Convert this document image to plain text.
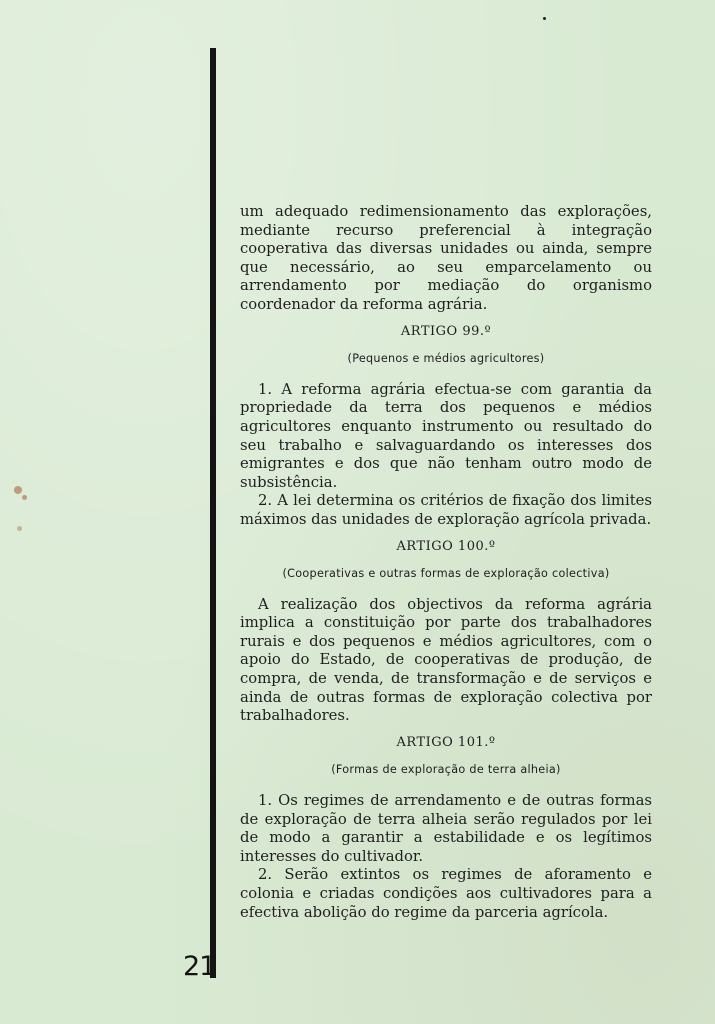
21

um adequado redimensionamento das explorações, mediante recurso preferencial à integração cooperativa das diversas unidades ou ainda, sempre que necessário, ao seu emparcelamento ou arrendamento por mediação do organismo coordenador da reforma agrária.

ARTIGO 99.º
(Pequenos e médios agricultores)

1. A reforma agrária efectua-se com garantia da propriedade da terra dos pequenos e médios agricultores enquanto instrumento ou resultado do seu trabalho e salvaguardando os interesses dos emigrantes e dos que não tenham outro modo de subsistência.

2. A lei determina os critérios de fixação dos limites máximos das unidades de exploração agrícola privada.

ARTIGO 100.º
(Cooperativas e outras formas de exploração colectiva)

A realização dos objectivos da reforma agrária implica a constituição por parte dos trabalhadores rurais e dos pequenos e médios agricultores, com o apoio do Estado, de cooperativas de produção, de compra, de venda, de transformação e de serviços e ainda de outras formas de exploração colectiva por trabalhadores.

ARTIGO 101.º
(Formas de exploração de terra alheia)

1. Os regimes de arrendamento e de outras formas de exploração de terra alheia serão regulados por lei de modo a garantir a estabilidade e os legítimos interesses do cultivador.

2. Serão extintos os regimes de aforamento e colonia e criadas condições aos cultivadores para a efectiva abolição do regime da parceria agrícola.
